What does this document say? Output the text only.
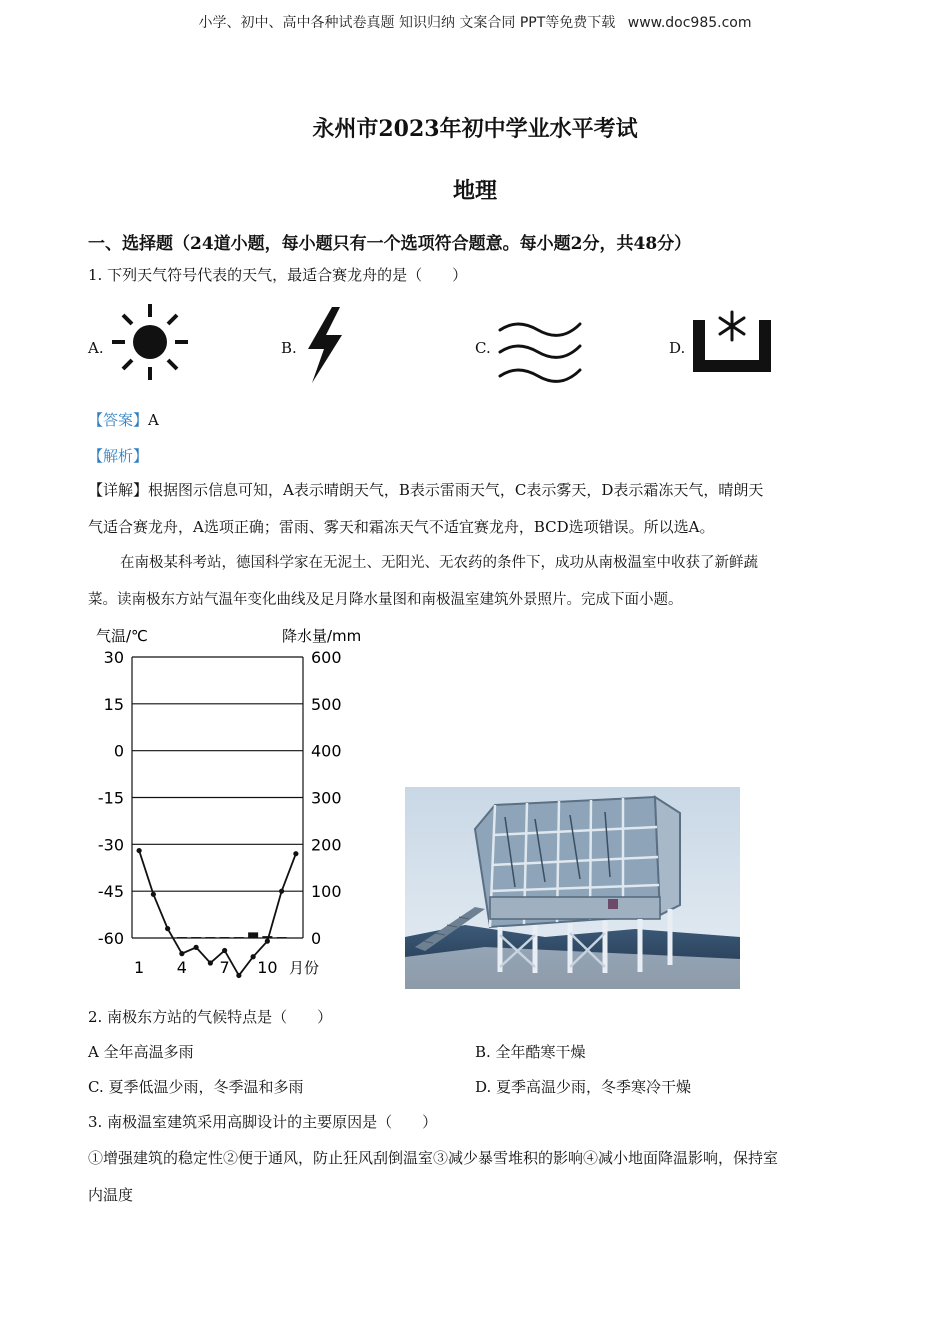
小学、初中、高中各种试卷真题 知识归纳 文案合同 PPT等免费下载 www.doc985.com
永州市2023年初中学业水平考试
地理
一、选择题（24道小题，每小题只有一个选项符合题意。每小题2分，共48分）
1. 下列天气符号代表的天气，最适合赛龙舟的是（　　）
A.	B.	C.	D.
【答案】A
【解析】
【详解】根据图示信息可知，A表示晴朗天气，B表示雷雨天气，C表示雾天，D表示霜冻天气，晴朗天
气适合赛龙舟，A选项正确；雷雨、雾天和霜冻天气不适宜赛龙舟，BCD选项错误。所以选A。
在南极某科考站，德国科学家在无泥土、无阳光、无农药的条件下，成功从南极温室中收获了新鲜蔬
菜。读南极东方站气温年变化曲线及足月降水量图和南极温室建筑外景照片。完成下面小题。
气温/℃	降水量/mm
30
15
0
-15
-30
-45
-60
600
500
400
300
200
100
0
1 4 7 10 月份
2. 南极东方站的气候特点是（　　）
A 全年高温多雨	B. 全年酷寒干燥
C. 夏季低温少雨，冬季温和多雨	D. 夏季高温少雨，冬季寒冷干燥
3. 南极温室建筑采用高脚设计的主要原因是（　　）
①增强建筑的稳定性②便于通风，防止狂风刮倒温室③减少暴雪堆积的影响④减小地面降温影响，保持室
内温度
